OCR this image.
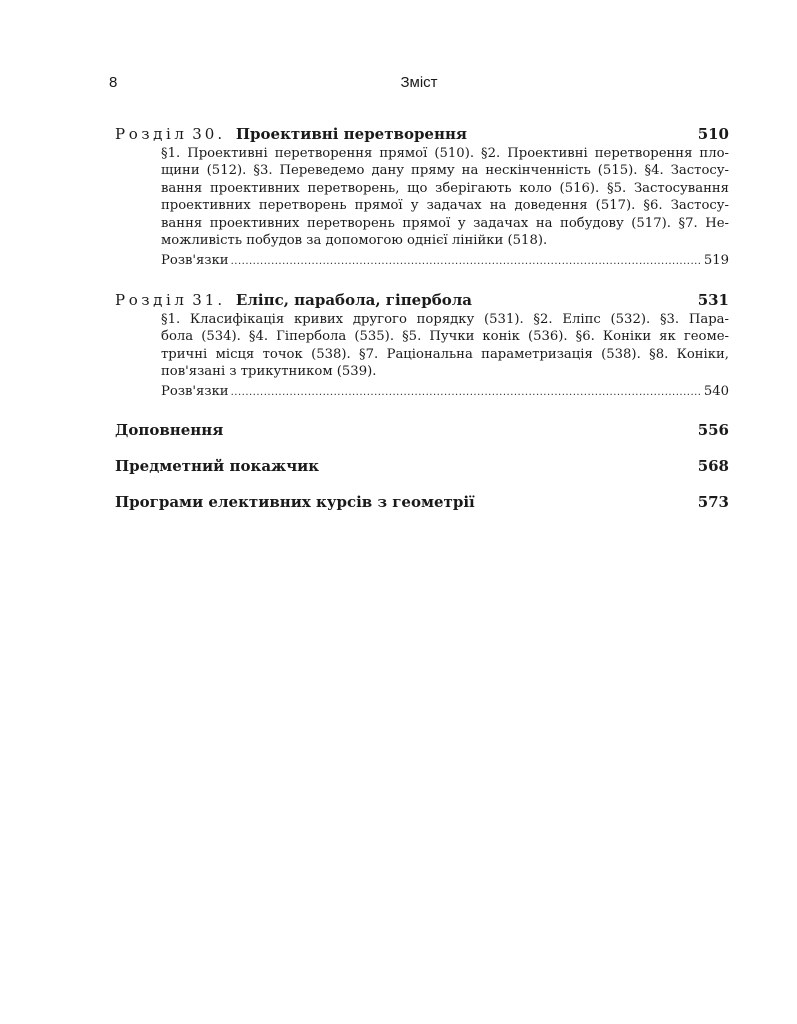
8	Зміст
Розділ 30. Проективні перетворення	510
§1. Проективні перетворення прямої (510). §2. Проективні перетворення пло-
щини (512). §3. Переведемо дану пряму на нескінченність (515). §4. Застосу-
вання проективних перетворень, що зберігають коло (516). §5. Застосування
проективних перетворень прямої у задачах на доведення (517). §6. Застосу-
вання проективних перетворень прямої у задачах на побудову (517). §7. Не-
можливість побудов за допомогою однієї лінійки (518).
Розв'язки .....	519
Розділ 31. Еліпс, парабола, гіпербола	531
§1. Класифікація кривих другого порядку (531). §2. Еліпс (532). §3. Пара-
бола (534). §4. Гіпербола (535). §5. Пучки конік (536). §6. Коніки як геоме-
тричні місця точок (538). §7. Раціональна параметризація (538). §8. Коніки,
пов'язані з трикутником (539).
Розв'язки .....	540
Доповнення	556
Предметний покажчик	568
Програми елективних курсів з геометрії	573
